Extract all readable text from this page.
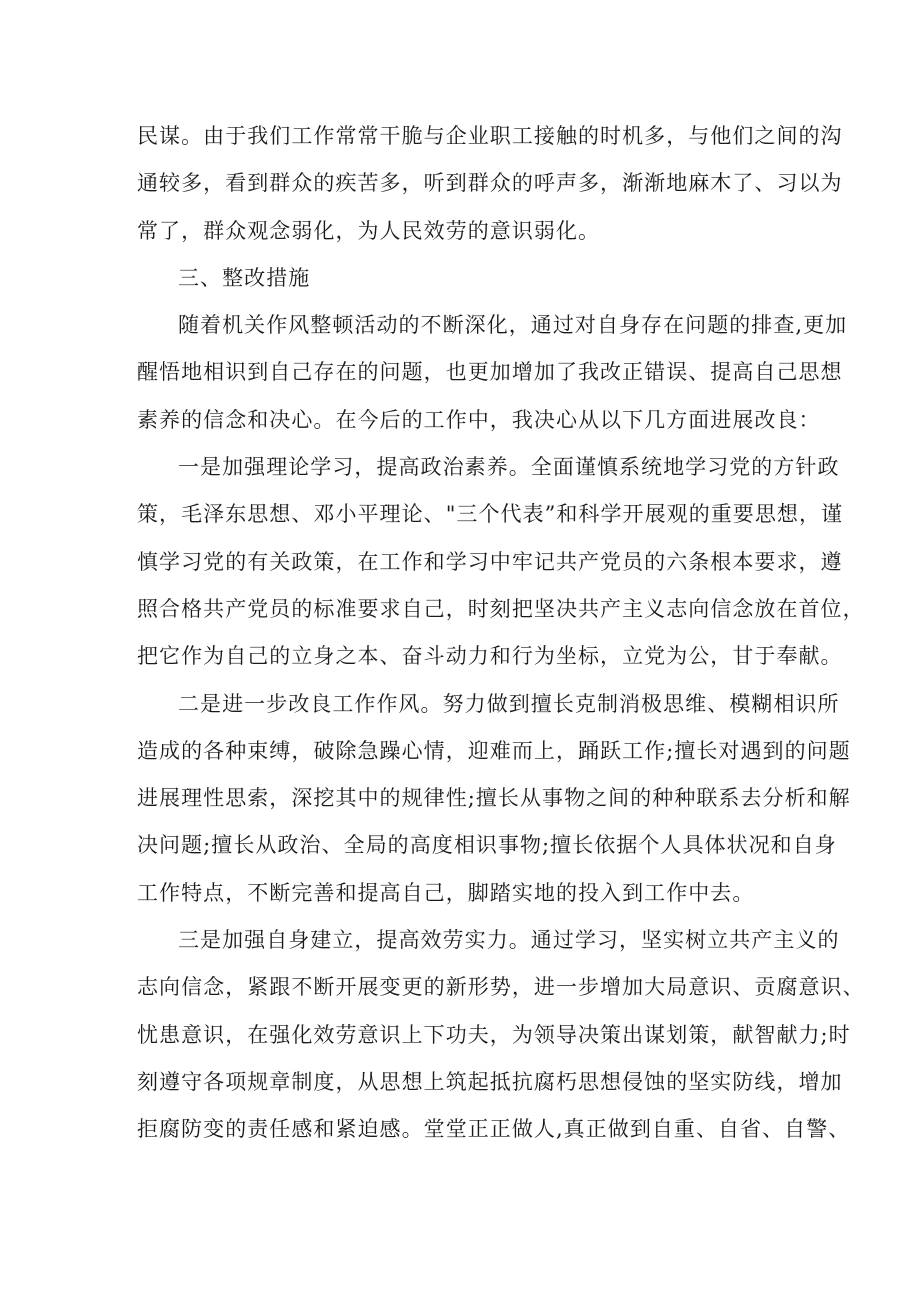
民谋。由于我们工作常常干脆与企业职工接触的时机多，与他们之间的沟
通较多，看到群众的疾苦多，听到群众的呼声多，渐渐地麻木了、习以为
常了，群众观念弱化，为人民效劳的意识弱化。
三、整改措施
随着机关作风整顿活动的不断深化，通过对自身存在问题的排查,更加
醒悟地相识到自己存在的问题，也更加增加了我改正错误、提高自己思想
素养的信念和决心。在今后的工作中，我决心从以下几方面进展改良：
一是加强理论学习，提高政治素养。全面谨慎系统地学习党的方针政
策，毛泽东思想、邓小平理论、"三个代表”和科学开展观的重要思想，谨
慎学习党的有关政策，在工作和学习中牢记共产党员的六条根本要求，遵
照合格共产党员的标准要求自己，时刻把坚决共产主义志向信念放在首位，
把它作为自己的立身之本、奋斗动力和行为坐标，立党为公，甘于奉献。
二是进一步改良工作作风。努力做到擅长克制消极思维、模糊相识所
造成的各种束缚，破除急躁心情，迎难而上，踊跃工作;擅长对遇到的问题
进展理性思索，深挖其中的规律性;擅长从事物之间的种种联系去分析和解
决问题;擅长从政治、全局的高度相识事物;擅长依据个人具体状况和自身
工作特点，不断完善和提高自己，脚踏实地的投入到工作中去。
三是加强自身建立，提高效劳实力。通过学习，坚实树立共产主义的
志向信念，紧跟不断开展变更的新形势，进一步增加大局意识、贡腐意识、
忧患意识，在强化效劳意识上下功夫，为领导决策出谋划策，献智献力;时
刻遵守各项规章制度，从思想上筑起抵抗腐朽思想侵蚀的坚实防线，增加
拒腐防变的责任感和紧迫感。堂堂正正做人,真正做到自重、自省、自警、
